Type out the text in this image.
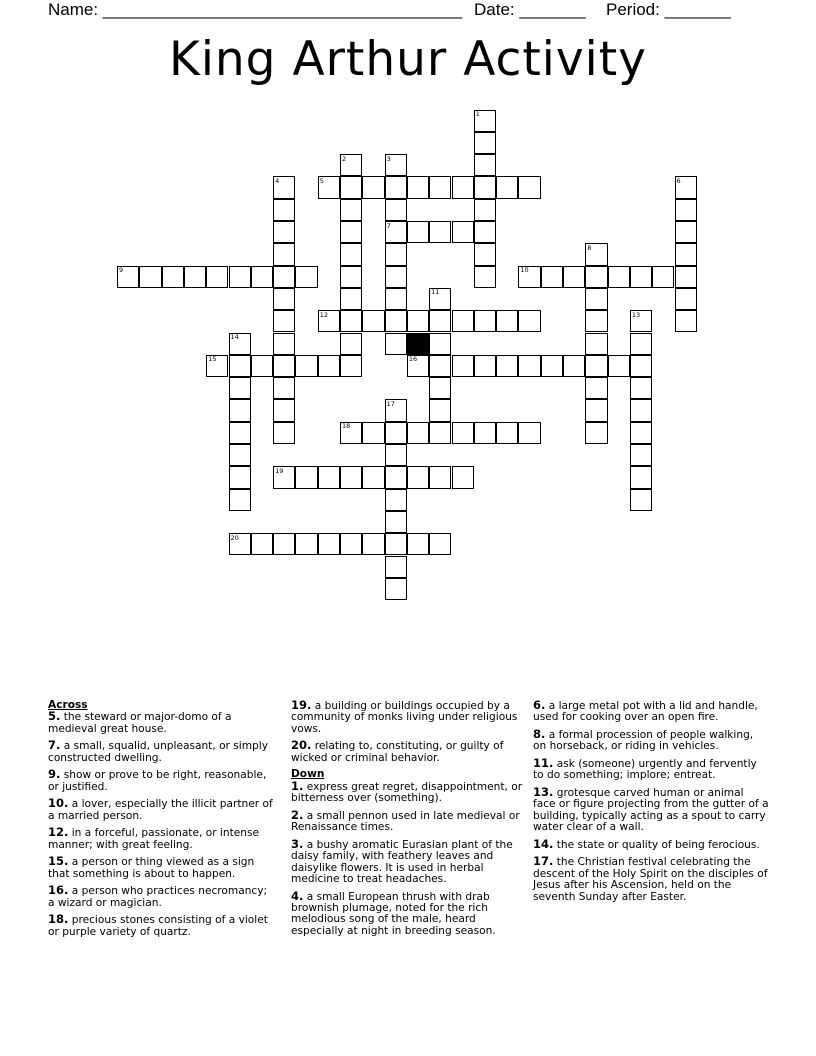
Name: ______________________________________ Date: _______ Period: _______
King Arthur Activity
5
7
9	10
12
15	16
18
19
20
1
2	3
4	6
8
11
13
14
17
Across
5. the steward or major-domo of a medieval great house.
7. a small, squalid, unpleasant, or simply constructed dwelling.
9. show or prove to be right, reasonable, or justified.
10. a lover, especially the illicit partner of a married person.
12. in a forceful, passionate, or intense manner; with great feeling.
15. a person or thing viewed as a sign that something is about to happen.
16. a person who practices necromancy; a wizard or magician.
18. precious stones consisting of a violet or purple variety of quartz.
19. a building or buildings occupied by a community of monks living under religious vows.
20. relating to, constituting, or guilty of wicked or criminal behavior.
Down
1. express great regret, disappointment, or bitterness over (something).
2. a small pennon used in late medieval or Renaissance times.
3. a bushy aromatic Eurasian plant of the daisy family, with feathery leaves and daisylike flowers. It is used in herbal medicine to treat headaches.
4. a small European thrush with drab brownish plumage, noted for the rich melodious song of the male, heard especially at night in breeding season.
6. a large metal pot with a lid and handle, used for cooking over an open fire.
8. a formal procession of people walking, on horseback, or riding in vehicles.
11. ask (someone) urgently and fervently to do something; implore; entreat.
13. grotesque carved human or animal face or figure projecting from the gutter of a building, typically acting as a spout to carry water clear of a wall.
14. the state or quality of being ferocious.
17. the Christian festival celebrating the descent of the Holy Spirit on the disciples of Jesus after his Ascension, held on the seventh Sunday after Easter.
